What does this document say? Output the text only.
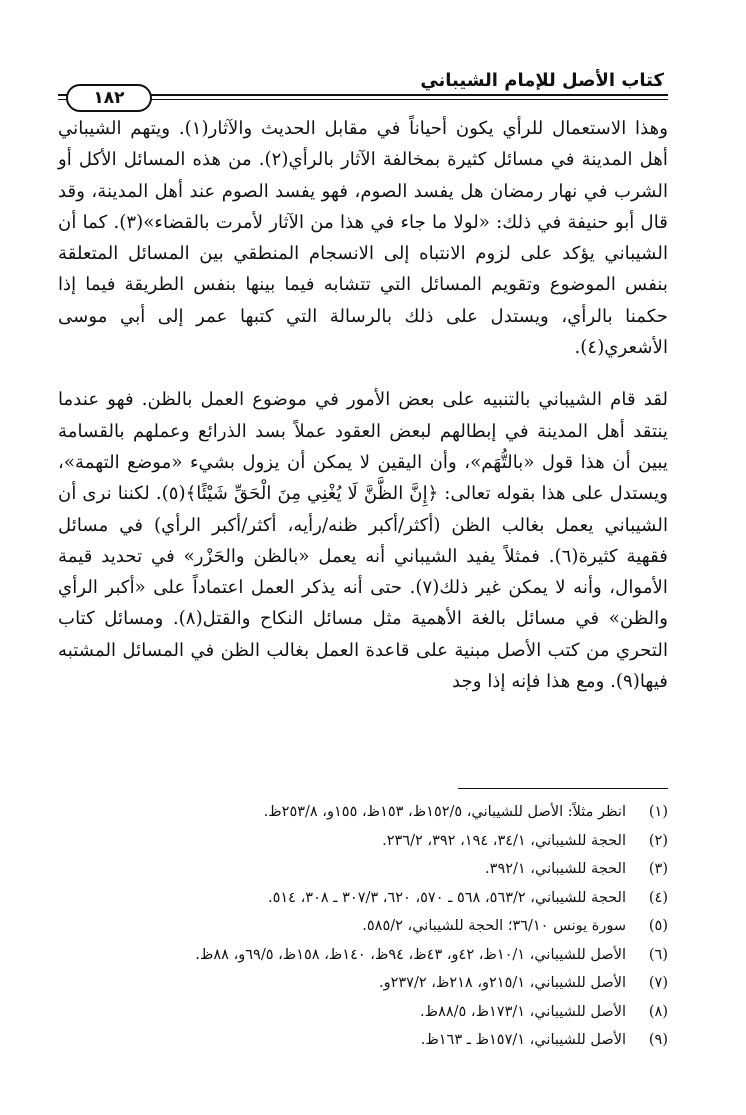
١٨٢
كتاب الأصل للإمام الشيباني

وهذا الاستعمال للرأي يكون أحياناً في مقابل الحديث والآثار(١). ويتهم الشيباني أهل المدينة في مسائل كثيرة بمخالفة الآثار بالرأي(٢). من هذه المسائل الأكل أو الشرب في نهار رمضان هل يفسد الصوم، فهو يفسد الصوم عند أهل المدينة، وقد قال أبو حنيفة في ذلك: «لولا ما جاء في هذا من الآثار لأمرت بالقضاء»(٣). كما أن الشيباني يؤكد على لزوم الانتباه إلى الانسجام المنطقي بين المسائل المتعلقة بنفس الموضوع وتقويم المسائل التي تتشابه فيما بينها بنفس الطريقة فيما إذا حكمنا بالرأي، ويستدل على ذلك بالرسالة التي كتبها عمر إلى أبي موسى الأشعري(٤).

لقد قام الشيباني بالتنبيه على بعض الأمور في موضوع العمل بالظن. فهو عندما ينتقد أهل المدينة في إبطالهم لبعض العقود عملاً بسد الذرائع وعملهم بالقسامة يبين أن هذا قول «بالتُّهَم»، وأن اليقين لا يمكن أن يزول بشيء «موضع التهمة»، ويستدل على هذا بقوله تعالى: ﴿إِنَّ الظَّنَّ لَا يُغْنِي مِنَ الْحَقِّ شَيْئًا﴾(٥). لكننا نرى أن الشيباني يعمل بغالب الظن (أكثر/أكبر ظنه/رأيه، أكثر/أكبر الرأي) في مسائل فقهية كثيرة(٦). فمثلاً يفيد الشيباني أنه يعمل «بالظن والحَزْر» في تحديد قيمة الأموال، وأنه لا يمكن غير ذلك(٧). حتى أنه يذكر العمل اعتماداً على «أكبر الرأي والظن» في مسائل بالغة الأهمية مثل مسائل النكاح والقتل(٨). ومسائل كتاب التحري من كتب الأصل مبنية على قاعدة العمل بغالب الظن في المسائل المشتبه فيها(٩). ومع هذا فإنه إذا وجد

(١)انظر مثلاً: الأصل للشيباني، ١٥٢/٥ظ، ١٥٣ظ، ١٥٥و، ٢٥٣/٨ظ.
(٢)الحجة للشيباني، ٣٤/١، ١٩٤، ٣٩٢، ٢٣٦/٢.
(٣)الحجة للشيباني، ٣٩٢/١.
(٤)الحجة للشيباني، ٥٦٣/٢، ٥٦٨ ـ ٥٧٠، ٦٢٠، ٣٠٧/٣ ـ ٣٠٨، ٥١٤.
(٥)سورة يونس ٣٦/١٠؛ الحجة للشيباني، ٥٨٥/٢.
(٦)الأصل للشيباني، ١٠/١ظ، ٤٢و، ٤٣ظ، ٩٤ظ، ١٤٠ظ، ١٥٨ظ، ٦٩/٥و، ٨٨ظ.
(٧)الأصل للشيباني، ٢١٥/١و، ٢١٨ظ، ٢٣٧/٢و.
(٨)الأصل للشيباني، ١٧٣/١ظ، ٨٨/٥ظ.
(٩)الأصل للشيباني، ١٥٧/١ظ ـ ١٦٣ظ.
